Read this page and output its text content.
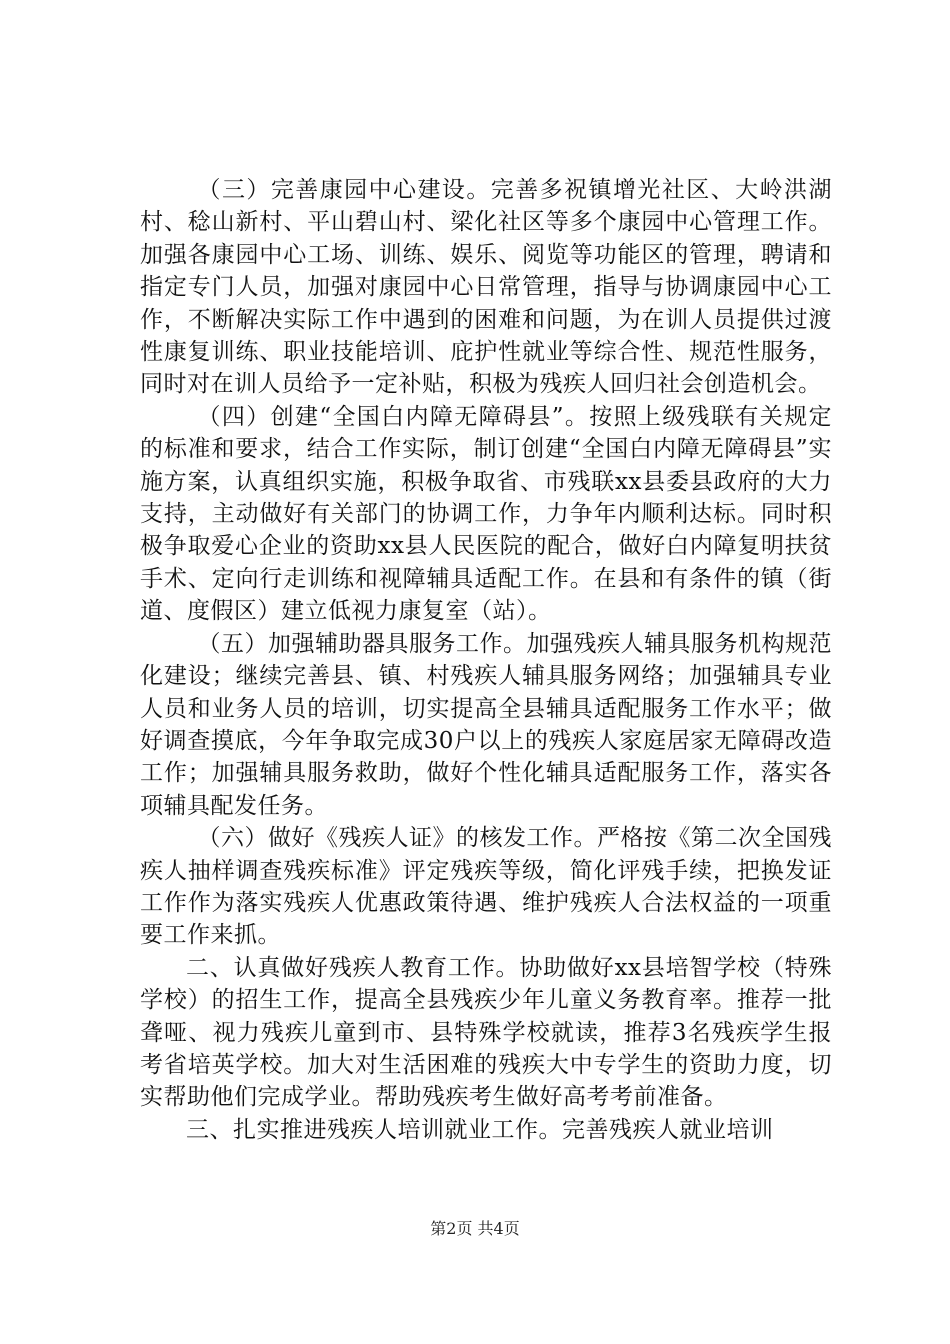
（三）完善康园中心建设。完善多祝镇增光社区、大岭洪湖村、稔山新村、平山碧山村、梁化社区等多个康园中心管理工作。加强各康园中心工场、训练、娱乐、阅览等功能区的管理，聘请和指定专门人员，加强对康园中心日常管理，指导与协调康园中心工作，不断解决实际工作中遇到的困难和问题，为在训人员提供过渡性康复训练、职业技能培训、庇护性就业等综合性、规范性服务，同时对在训人员给予一定补贴，积极为残疾人回归社会创造机会。

（四）创建“全国白内障无障碍县”。按照上级残联有关规定的标准和要求，结合工作实际，制订创建“全国白内障无障碍县”实施方案，认真组织实施，积极争取省、市残联xx县委县政府的大力支持，主动做好有关部门的协调工作，力争年内顺利达标。同时积极争取爱心企业的资助xx县人民医院的配合，做好白内障复明扶贫手术、定向行走训练和视障辅具适配工作。在县和有条件的镇（街道、度假区）建立低视力康复室（站）。

（五）加强辅助器具服务工作。加强残疾人辅具服务机构规范化建设；继续完善县、镇、村残疾人辅具服务网络；加强辅具专业人员和业务人员的培训，切实提高全县辅具适配服务工作水平；做好调查摸底，今年争取完成30户以上的残疾人家庭居家无障碍改造工作；加强辅具服务救助，做好个性化辅具适配服务工作，落实各项辅具配发任务。

（六）做好《残疾人证》的核发工作。严格按《第二次全国残疾人抽样调查残疾标准》评定残疾等级，简化评残手续，把换发证工作作为落实残疾人优惠政策待遇、维护残疾人合法权益的一项重要工作来抓。

二、认真做好残疾人教育工作。协助做好xx县培智学校（特殊学校）的招生工作，提高全县残疾少年儿童义务教育率。推荐一批聋哑、视力残疾儿童到市、县特殊学校就读，推荐3名残疾学生报考省培英学校。加大对生活困难的残疾大中专学生的资助力度，切实帮助他们完成学业。帮助残疾考生做好高考考前准备。

三、扎实推进残疾人培训就业工作。完善残疾人就业培训

第2页 共4页
